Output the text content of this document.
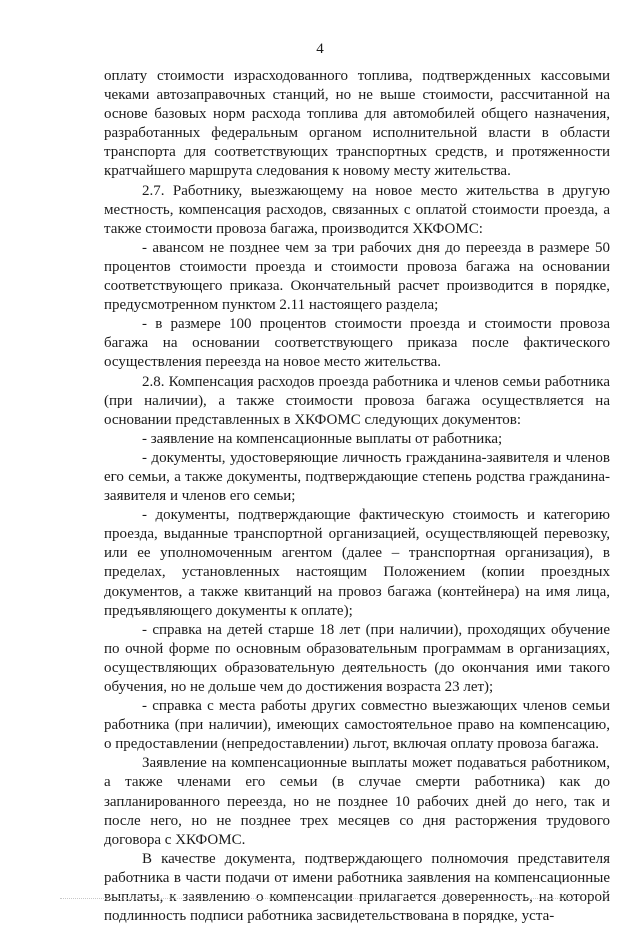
4

оплату стоимости израсходованного топлива, подтвержденных кассовыми чеками автозаправочных станций, но не выше стоимости, рассчитанной на основе базовых норм расхода топлива для автомобилей общего назначения, разработанных федеральным органом исполнительной власти в области транспорта для соответствующих транспортных средств, и протяженности кратчайшего маршрута следования к новому месту жительства.

2.7. Работнику, выезжающему на новое место жительства в другую местность, компенсация расходов, связанных с оплатой стоимости проезда, а также стоимости провоза багажа, производится ХКФОМС:

- авансом не позднее чем за три рабочих дня до переезда в размере 50 процентов стоимости проезда и стоимости провоза багажа на основании соответствующего приказа. Окончательный расчет производится в порядке, предусмотренном пунктом 2.11 настоящего раздела;

- в размере 100 процентов стоимости проезда и стоимости провоза багажа на основании соответствующего приказа после фактического осуществления переезда на новое место жительства.

2.8. Компенсация расходов проезда работника и членов семьи работника (при наличии), а также стоимости провоза багажа осуществляется на основании представленных в ХКФОМС следующих документов:

- заявление на компенсационные выплаты от работника;

- документы, удостоверяющие личность гражданина-заявителя и членов его семьи, а также документы, подтверждающие степень родства гражданина-заявителя и членов его семьи;

- документы, подтверждающие фактическую стоимость и категорию проезда, выданные транспортной организацией, осуществляющей перевозку, или ее уполномоченным агентом (далее – транспортная организация), в пределах, установленных настоящим Положением (копии проездных документов, а также квитанций на провоз багажа (контейнера) на имя лица, предъявляющего документы к оплате);

- справка на детей старше 18 лет (при наличии), проходящих обучение по очной форме по основным образовательным программам в организациях, осуществляющих образовательную деятельность (до окончания ими такого обучения, но не дольше чем до достижения возраста 23 лет);

- справка с места работы других совместно выезжающих членов семьи работника (при наличии), имеющих самостоятельное право на компенсацию, о предоставлении (непредоставлении) льгот, включая оплату провоза багажа.

Заявление на компенсационные выплаты может подаваться работником, а также членами его семьи (в случае смерти работника) как до запланированного переезда, но не позднее 10 рабочих дней до него, так и после него, но не позднее трех месяцев со дня расторжения трудового договора с ХКФОМС.

В качестве документа, подтверждающего полномочия представителя работника в части подачи от имени работника заявления на компенсационные выплаты, к заявлению о компенсации прилагается доверенность, на которой подлинность подписи работника засвидетельствована в порядке, уста-
